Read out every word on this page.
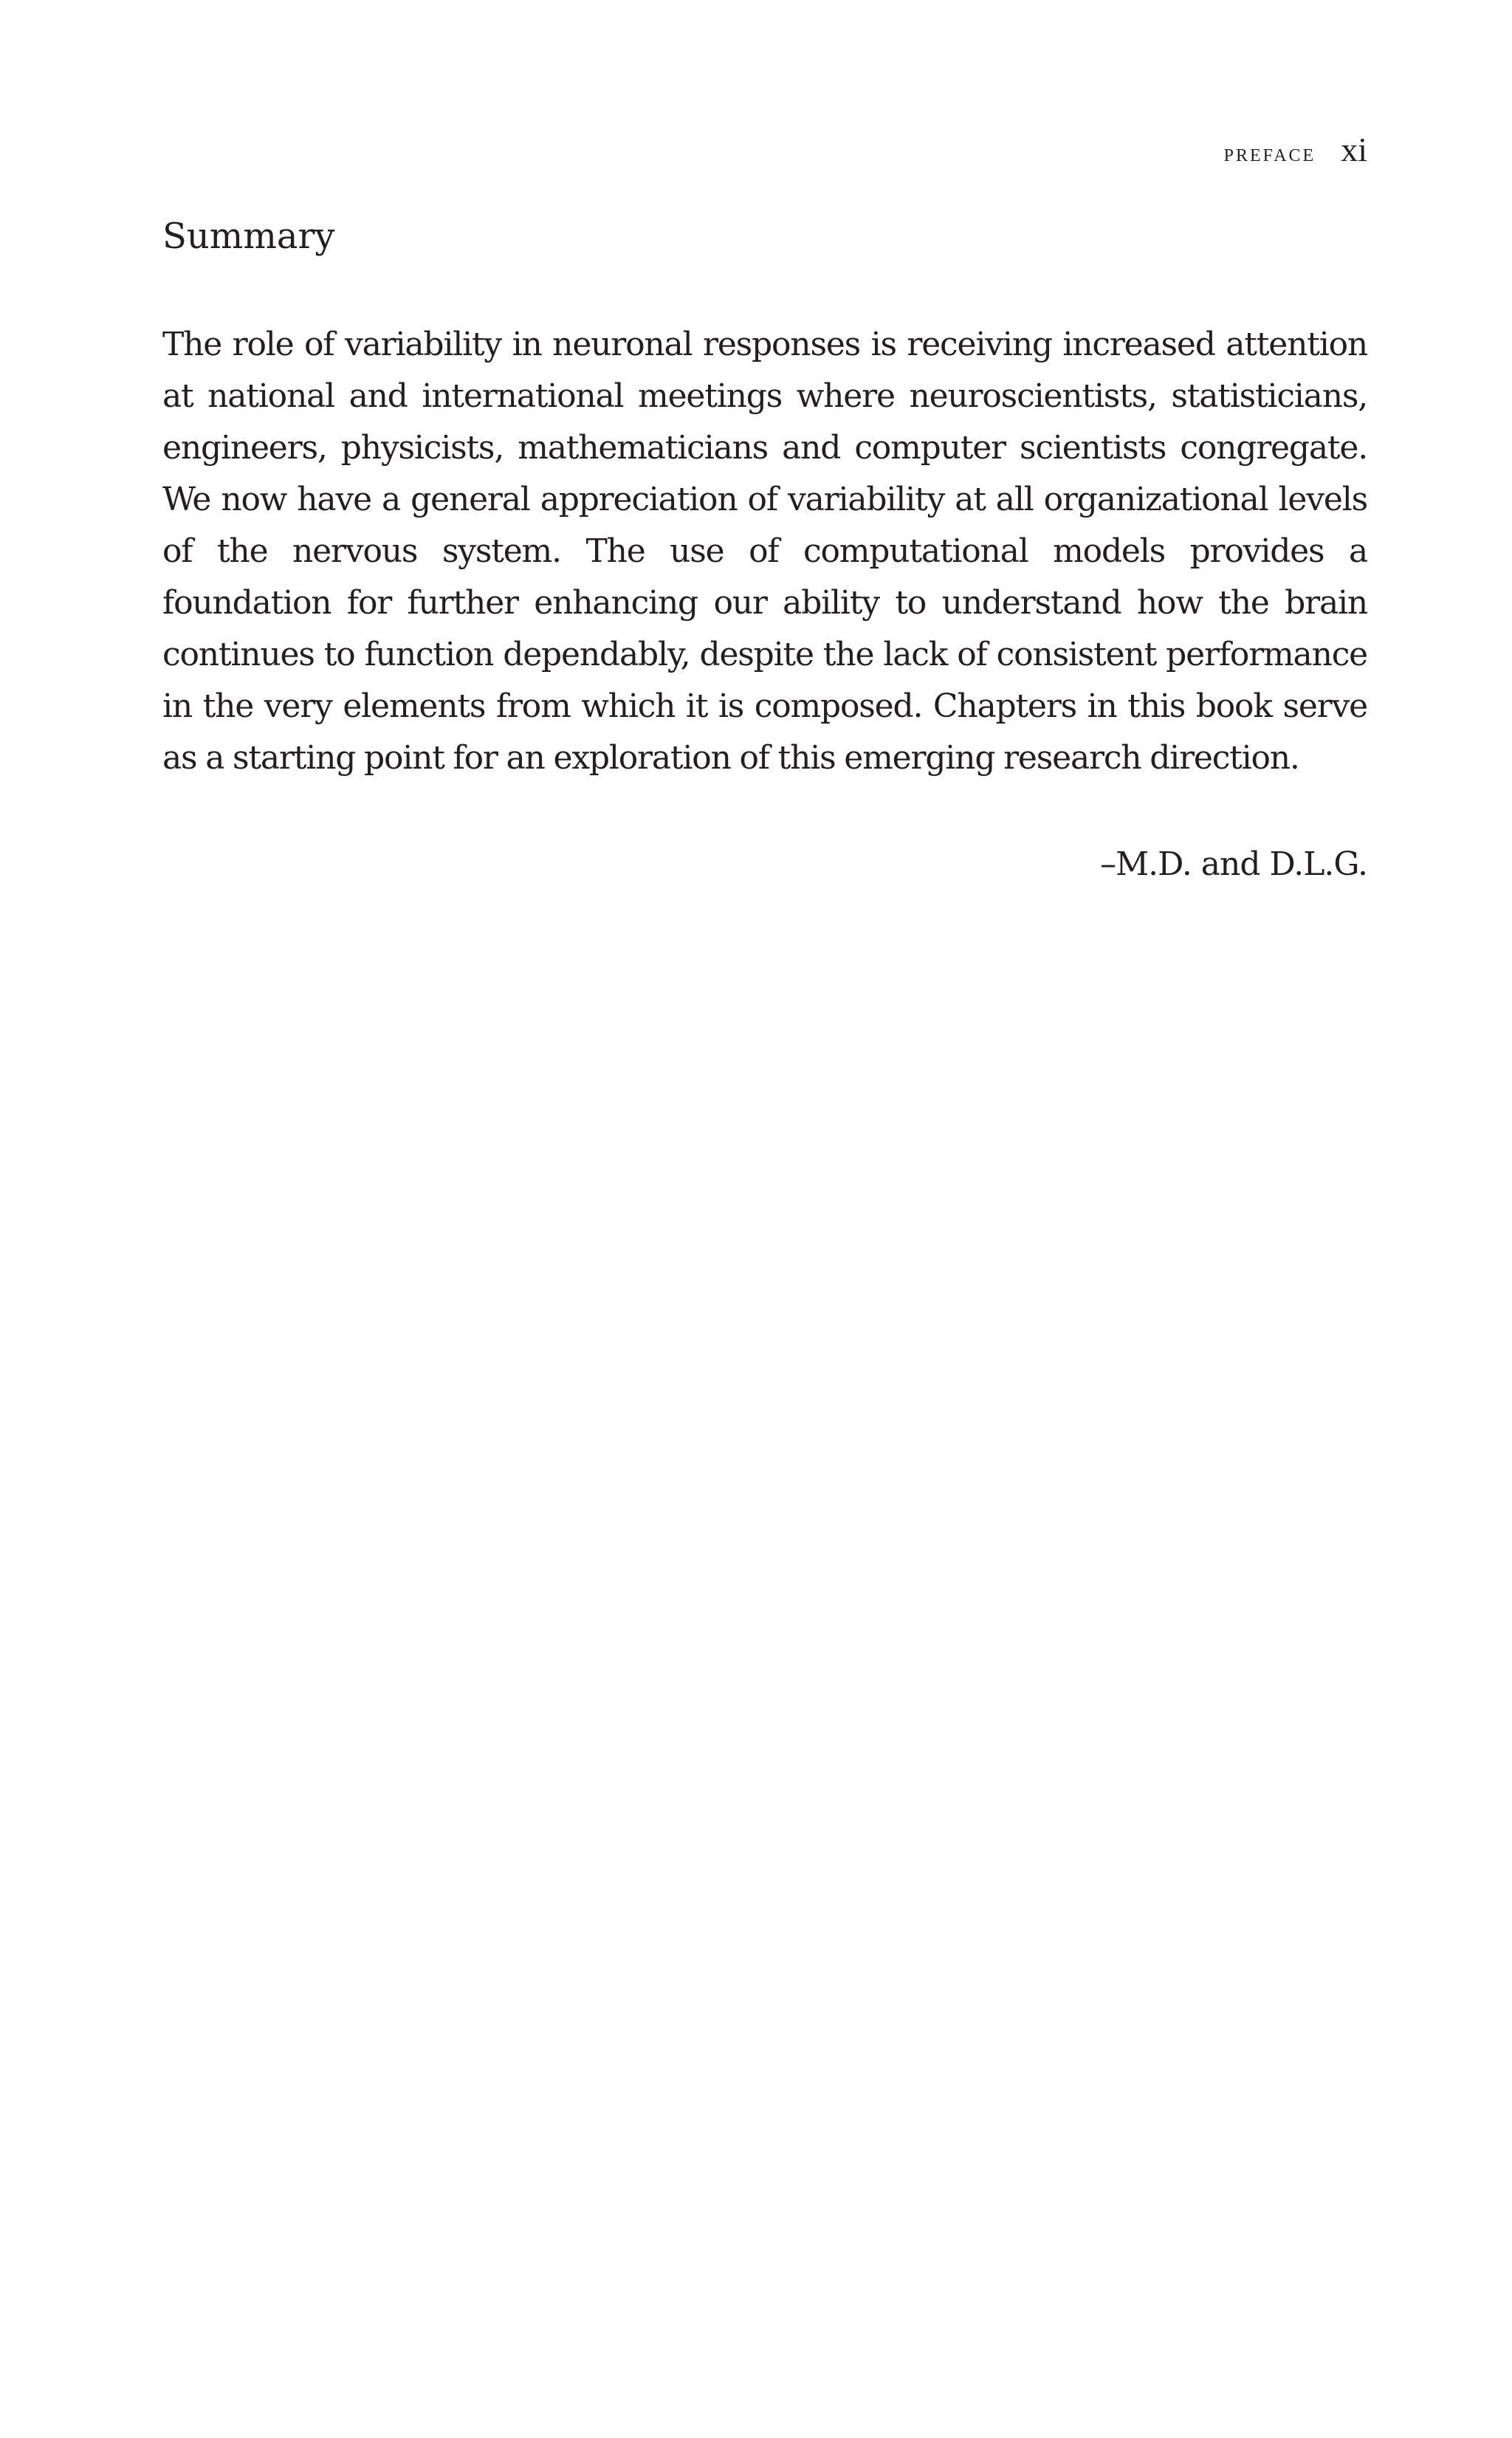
preface xi
Summary

The role of variability in neuronal responses is receiving increased attention at national and international meetings where neuroscientists, statisticians, engineers, physicists, mathematicians and computer scientists congregate. We now have a general appreciation of variability at all organizational levels of the nervous system. The use of computational models provides a foundation for further enhancing our ability to understand how the brain continues to function dependably, despite the lack of consistent performance in the very elements from which it is composed. Chapters in this book serve as a starting point for an exploration of this emerging research direction.

–M.D. and D.L.G.
